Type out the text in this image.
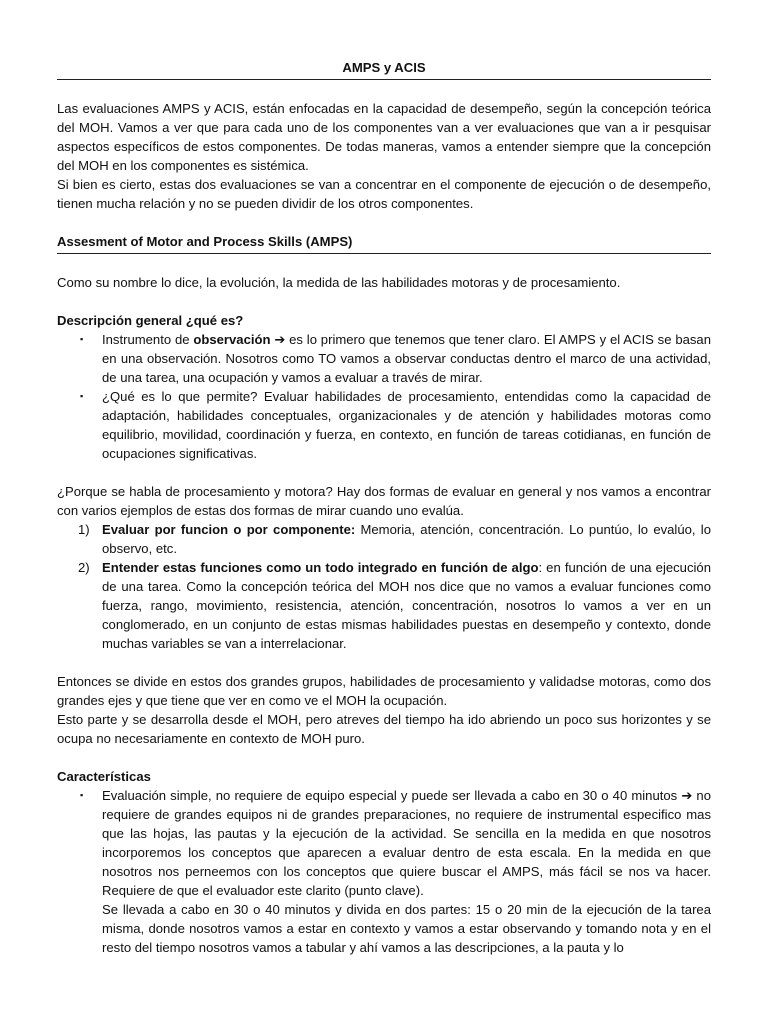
AMPS y ACIS

Las evaluaciones AMPS y ACIS, están enfocadas en la capacidad de desempeño, según la concepción teórica del MOH. Vamos a ver que para cada uno de los componentes van a ver evaluaciones que van a ir pesquisar aspectos específicos de estos componentes. De todas maneras, vamos a entender siempre que la concepción del MOH en los componentes es sistémica.

Si bien es cierto, estas dos evaluaciones se van a concentrar en el componente de ejecución o de desempeño, tienen mucha relación y no se pueden dividir de los otros componentes.

Assesment of Motor and Process Skills (AMPS)

Como su nombre lo dice, la evolución, la medida de las habilidades motoras y de procesamiento.

Descripción general ¿qué es?

▪ Instrumento de observación ➔ es lo primero que tenemos que tener claro. El AMPS y el ACIS se basan en una observación. Nosotros como TO vamos a observar conductas dentro el marco de una actividad, de una tarea, una ocupación y vamos a evaluar a través de mirar.
▪ ¿Qué es lo que permite? Evaluar habilidades de procesamiento, entendidas como la capacidad de adaptación, habilidades conceptuales, organizacionales y de atención y habilidades motoras como equilibrio, movilidad, coordinación y fuerza, en contexto, en función de tareas cotidianas, en función de ocupaciones significativas.

¿Porque se habla de procesamiento y motora? Hay dos formas de evaluar en general y nos vamos a encontrar con varios ejemplos de estas dos formas de mirar cuando uno evalúa.

1) Evaluar por funcion o por componente: Memoria, atención, concentración. Lo puntúo, lo evalúo, lo observo, etc.
2) Entender estas funciones como un todo integrado en función de algo: en función de una ejecución de una tarea. Como la concepción teórica del MOH nos dice que no vamos a evaluar funciones como fuerza, rango, movimiento, resistencia, atención, concentración, nosotros lo vamos a ver en un conglomerado, en un conjunto de estas mismas habilidades puestas en desempeño y contexto, donde muchas variables se van a interrelacionar.

Entonces se divide en estos dos grandes grupos, habilidades de procesamiento y validadse motoras, como dos grandes ejes y que tiene que ver en como ve el MOH la ocupación.

Esto parte y se desarrolla desde el MOH, pero atreves del tiempo ha ido abriendo un poco sus horizontes y se ocupa no necesariamente en contexto de MOH puro.

Características

▪ Evaluación simple, no requiere de equipo especial y puede ser llevada a cabo en 30 o 40 minutos ➔ no requiere de grandes equipos ni de grandes preparaciones, no requiere de instrumental especifico mas que las hojas, las pautas y la ejecución de la actividad. Se sencilla en la medida en que nosotros incorporemos los conceptos que aparecen a evaluar dentro de esta escala. En la medida en que nosotros nos perneemos con los conceptos que quiere buscar el AMPS, más fácil se nos va hacer. Requiere de que el evaluador este clarito (punto clave).
Se llevada a cabo en 30 o 40 minutos y divida en dos partes: 15 o 20 min de la ejecución de la tarea misma, donde nosotros vamos a estar en contexto y vamos a estar observando y tomando nota y en el resto del tiempo nosotros vamos a tabular y ahí vamos a las descripciones, a la pauta y lo
